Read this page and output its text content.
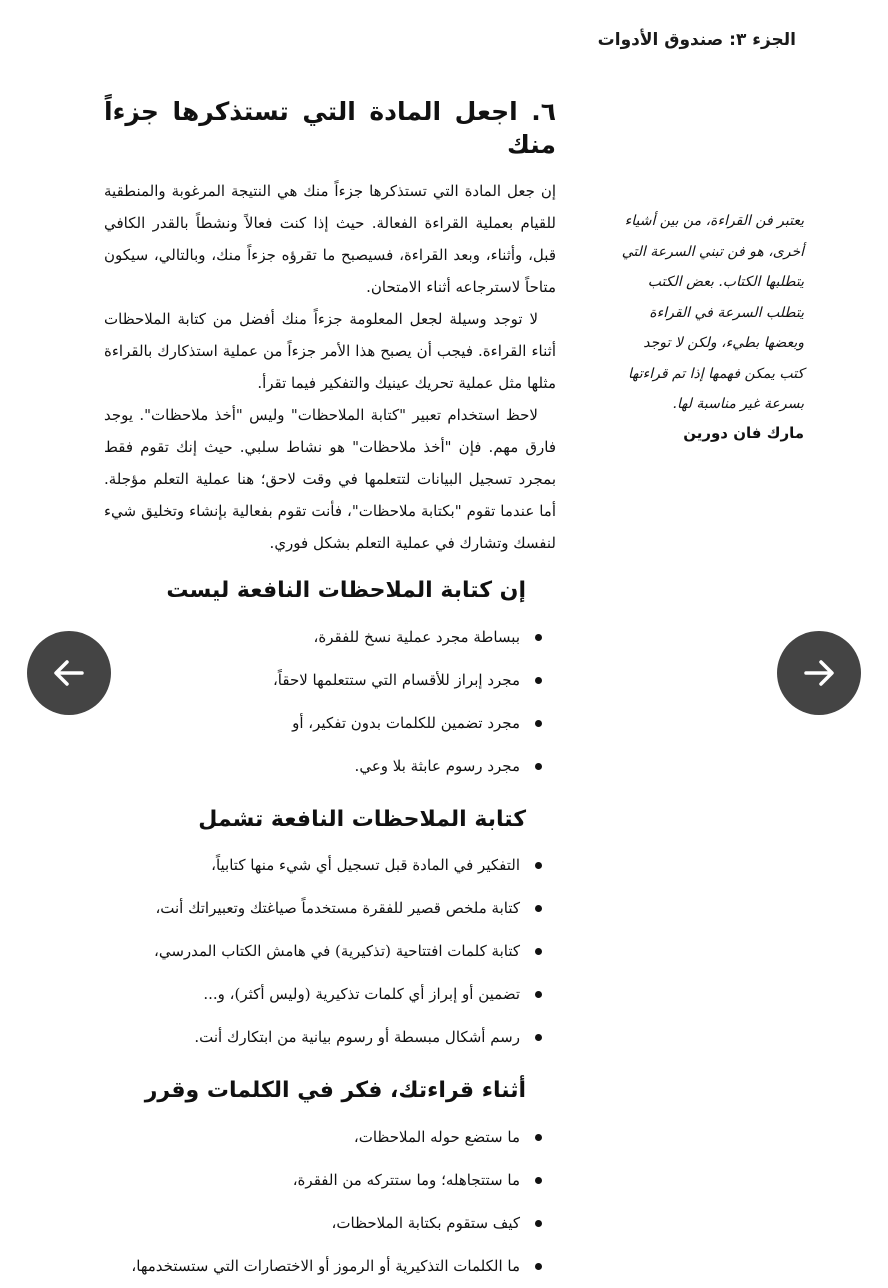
الجزء ٣: صندوق الأدوات
٦. اجعل المادة التي تستذكرها جزءاً منك

إن جعل المادة التي تستذكرها جزءاً منك هي النتيجة المرغوبة والمنطقية للقيام بعملية القراءة الفعالة. حيث إذا كنت فعالاً ونشطاً بالقدر الكافي قبل، وأثناء، وبعد القراءة، فسيصبح ما تقرؤه جزءاً منك، وبالتالي، سيكون متاحاً لاسترجاعه أثناء الامتحان.

لا توجد وسيلة لجعل المعلومة جزءاً منك أفضل من كتابة الملاحظات أثناء القراءة. فيجب أن يصبح هذا الأمر جزءاً من عملية استذكارك بالقراءة مثلها مثل عملية تحريك عينيك والتفكير فيما تقرأ.

لاحظ استخدام تعبير "كتابة الملاحظات" وليس "أخذ ملاحظات". يوجد فارق مهم. فإن "أخذ ملاحظات" هو نشاط سلبي. حيث إنك تقوم فقط بمجرد تسجيل البيانات لتتعلمها في وقت لاحق؛ هنا عملية التعلم مؤجلة. أما عندما تقوم "بكتابة ملاحظات"، فأنت تقوم بفعالية بإنشاء وتخليق شيء لنفسك وتشارك في عملية التعلم بشكل فوري.

إن كتابة الملاحظات النافعة ليست
ببساطة مجرد عملية نسخ للفقرة،
مجرد إبراز للأقسام التي ستتعلمها لاحقاً،
مجرد تضمين للكلمات بدون تفكير، أو
مجرد رسوم عابثة بلا وعي.
كتابة الملاحظات النافعة تشمل
التفكير في المادة قبل تسجيل أي شيء منها كتابياً،
كتابة ملخص قصير للفقرة مستخدماً صياغتك وتعبيراتك أنت،
كتابة كلمات افتتاحية (تذكيرية) في هامش الكتاب المدرسي،
تضمين أو إبراز أي كلمات تذكيرية (وليس أكثر)، و...
رسم أشكال مبسطة أو رسوم بيانية من ابتكارك أنت.
أثناء قراءتك، فكر في الكلمات وقرر
ما ستضع حوله الملاحظات،
ما ستتجاهله؛ وما ستتركه من الفقرة،
كيف ستقوم بكتابة الملاحظات،
ما الكلمات التذكيرية أو الرموز أو الاختصارات التي ستستخدمها،

يعتبر فن القراءة، من بين أشياء أخرى، هو فن تبني السرعة التي يتطلبها الكتاب. بعض الكتب يتطلب السرعة في القراءة وبعضها بطيء، ولكن لا توجد كتب يمكن فهمها إذا تم قراءتها بسرعة غير مناسبة لها.

مارك فان دورين
